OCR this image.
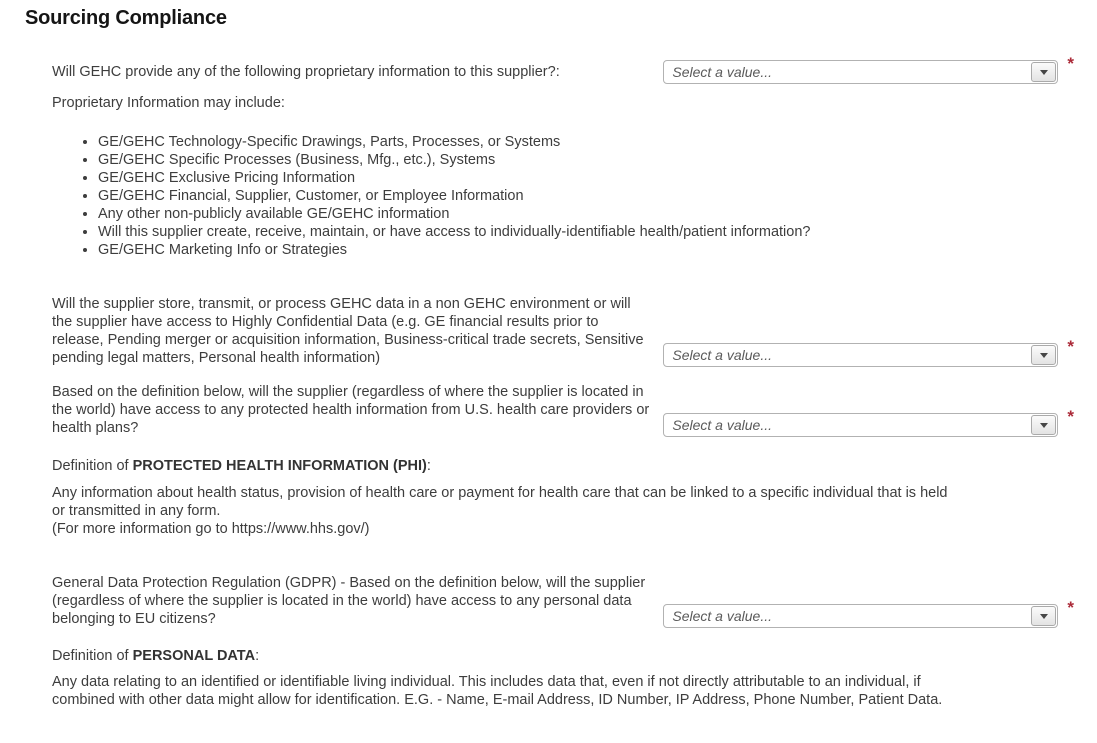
Sourcing Compliance
Will GEHC provide any of the following proprietary information to this supplier?:	Select a value...	*

Proprietary Information may include:

• GE/GEHC Technology-Specific Drawings, Parts, Processes, or Systems
• GE/GEHC Specific Processes (Business, Mfg., etc.), Systems
• GE/GEHC Exclusive Pricing Information
• GE/GEHC Financial, Supplier, Customer, or Employee Information
• Any other non-publicly available GE/GEHC information
• Will this supplier create, receive, maintain, or have access to individually-identifiable health/patient information?
• GE/GEHC Marketing Info or Strategies
Will the supplier store, transmit, or process GEHC data in a non GEHC environment or will the supplier have access to Highly Confidential Data (e.g. GE financial results prior to release, Pending merger or acquisition information, Business-critical trade secrets, Sensitive pending legal matters, Personal health information)	Select a value...	*
Based on the definition below, will the supplier (regardless of where the supplier is located in the world) have access to any protected health information from U.S. health care providers or health plans?	Select a value...	*

Definition of PROTECTED HEALTH INFORMATION (PHI):

Any information about health status, provision of health care or payment for health care that can be linked to a specific individual that is held or transmitted in any form.

(For more information go to https://www.hhs.gov/)

General Data Protection Regulation (GDPR) - Based on the definition below, will the supplier (regardless of where the supplier is located in the world) have access to any personal data belonging to EU citizens?	Select a value...	*

Definition of PERSONAL DATA:

Any data relating to an identified or identifiable living individual. This includes data that, even if not directly attributable to an individual, if combined with other data might allow for identification. E.G. - Name, E-mail Address, ID Number, IP Address, Phone Number, Patient Data.
